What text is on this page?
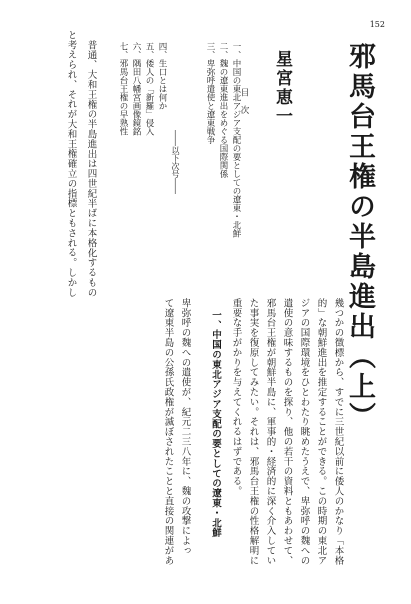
152
邪馬台王権の半島進出（上）
星宮恵一
目次
一、中国の東北アジア支配の要としての遼東・北鮮
二、魏の遼東進出をめぐる国際関係
三、卑弥呼遣使と遼東戦争
――以下次号――
四、生口とは何か
五、倭人の「新羅」侵入
六、隅田八幡宮画像鏡銘
七、邪馬台王権の早熟性
普通、大和王権の半島進出は四世紀半ばに本格化するもの
と考えられ、それが大和王権確立の指標ともされる。しかし
幾つかの徴標から、すでに三世紀以前に倭人のかなり「本格
的」な朝鮮進出を推定することができる。この時期の東北ア
ジアの国際環境をひとわたり眺めたうえで、卑弥呼の魏への
遣使の意味するものを探り、他の若干の資料ともあわせて、
邪馬台王権が朝鮮半島に、軍事的・経済的に深く介入してい
た事実を復原してみたい。それは、邪馬台王権の性格解明に
重要な手がかりを与えてくれるはずである。
一、中国の東北アジア支配の要としての遼東・北鮮
卑弥呼の魏への遣使が、紀元二三八年に、魏の攻撃によっ
て遼東半島の公孫氏政権が滅ぼされたことと直接の関連があ
